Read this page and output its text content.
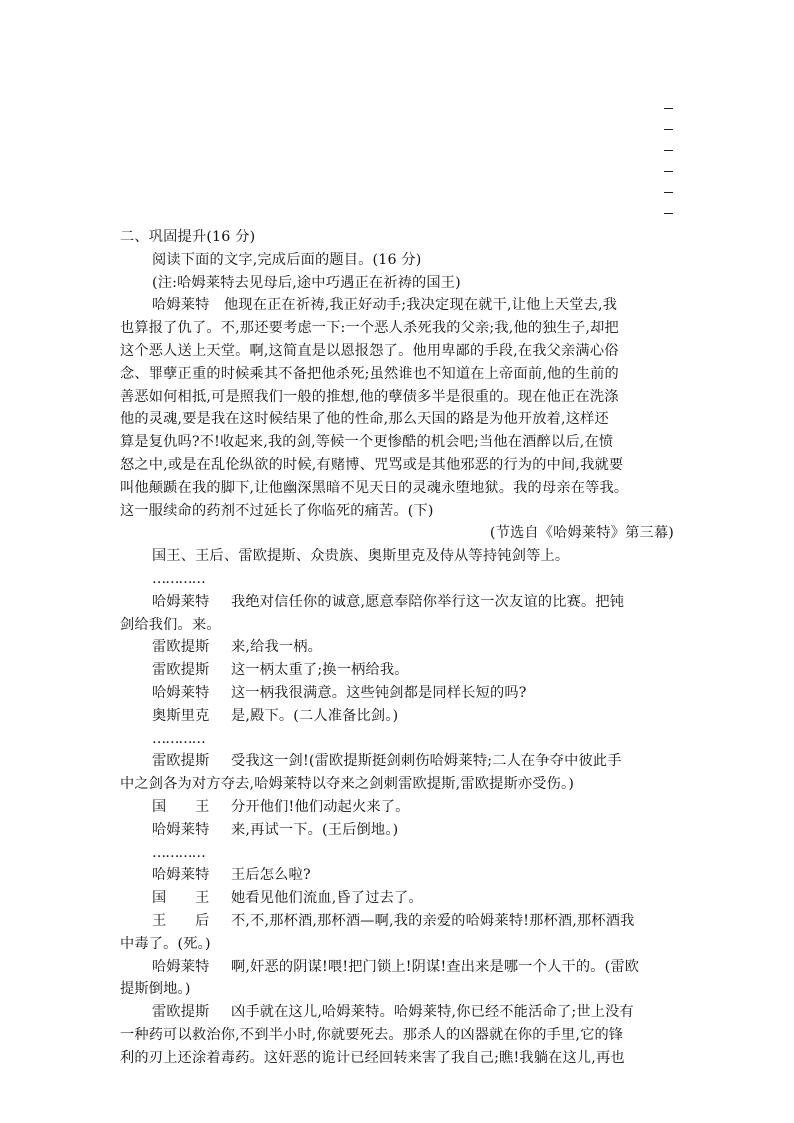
二、巩固提升(16 分)
阅读下面的文字,完成后面的题目。(16 分)
(注:哈姆莱特去见母后,途中巧遇正在祈祷的国王)
哈姆莱特　他现在正在祈祷,我正好动手;我决定现在就干,让他上天堂去,我
也算报了仇了。不,那还要考虑一下:一个恶人杀死我的父亲;我,他的独生子,却把
这个恶人送上天堂。啊,这简直是以恩报怨了。他用卑鄙的手段,在我父亲满心俗
念、罪孽正重的时候乘其不备把他杀死;虽然谁也不知道在上帝面前,他的生前的
善恶如何相抵,可是照我们一般的推想,他的孽债多半是很重的。现在他正在洗涤
他的灵魂,要是我在这时候结果了他的性命,那么天国的路是为他开放着,这样还
算是复仇吗?不!收起来,我的剑,等候一个更惨酷的机会吧;当他在酒醉以后,在愤
怒之中,或是在乱伦纵欲的时候,有赌博、咒骂或是其他邪恶的行为的中间,我就要
叫他颠踬在我的脚下,让他幽深黑暗不见天日的灵魂永堕地狱。我的母亲在等我。
这一服续命的药剂不过延长了你临死的痛苦。(下)
(节选自《哈姆莱特》第三幕)
国王、王后、雷欧提斯、众贵族、奥斯里克及侍从等持钝剑等上。
…………
哈姆莱特 我绝对信任你的诚意,愿意奉陪你举行这一次友谊的比赛。把钝
剑给我们。来。
雷欧提斯 来,给我一柄。
雷欧提斯 这一柄太重了;换一柄给我。
哈姆莱特 这一柄我很满意。这些钝剑都是同样长短的吗?
奥斯里克 是,殿下。(二人准备比剑。)
…………
雷欧提斯 受我这一剑!(雷欧提斯挺剑刺伤哈姆莱特;二人在争夺中彼此手
中之剑各为对方夺去,哈姆莱特以夺来之剑刺雷欧提斯,雷欧提斯亦受伤。)
国　　王 分开他们!他们动起火来了。
哈姆莱特 来,再试一下。(王后倒地。)
…………
哈姆莱特 王后怎么啦?
国　　王 她看见他们流血,昏了过去了。
王　　后 不,不,那杯酒,那杯酒—啊,我的亲爱的哈姆莱特!那杯酒,那杯酒我
中毒了。(死。)
哈姆莱特 啊,奸恶的阴谋!喂!把门锁上!阴谋!查出来是哪一个人干的。(雷欧
提斯倒地。)
雷欧提斯 凶手就在这儿,哈姆莱特。哈姆莱特,你已经不能活命了;世上没有
一种药可以救治你,不到半小时,你就要死去。那杀人的凶器就在你的手里,它的锋
利的刃上还涂着毒药。这奸恶的诡计已经回转来害了我自己;瞧!我躺在这儿,再也
